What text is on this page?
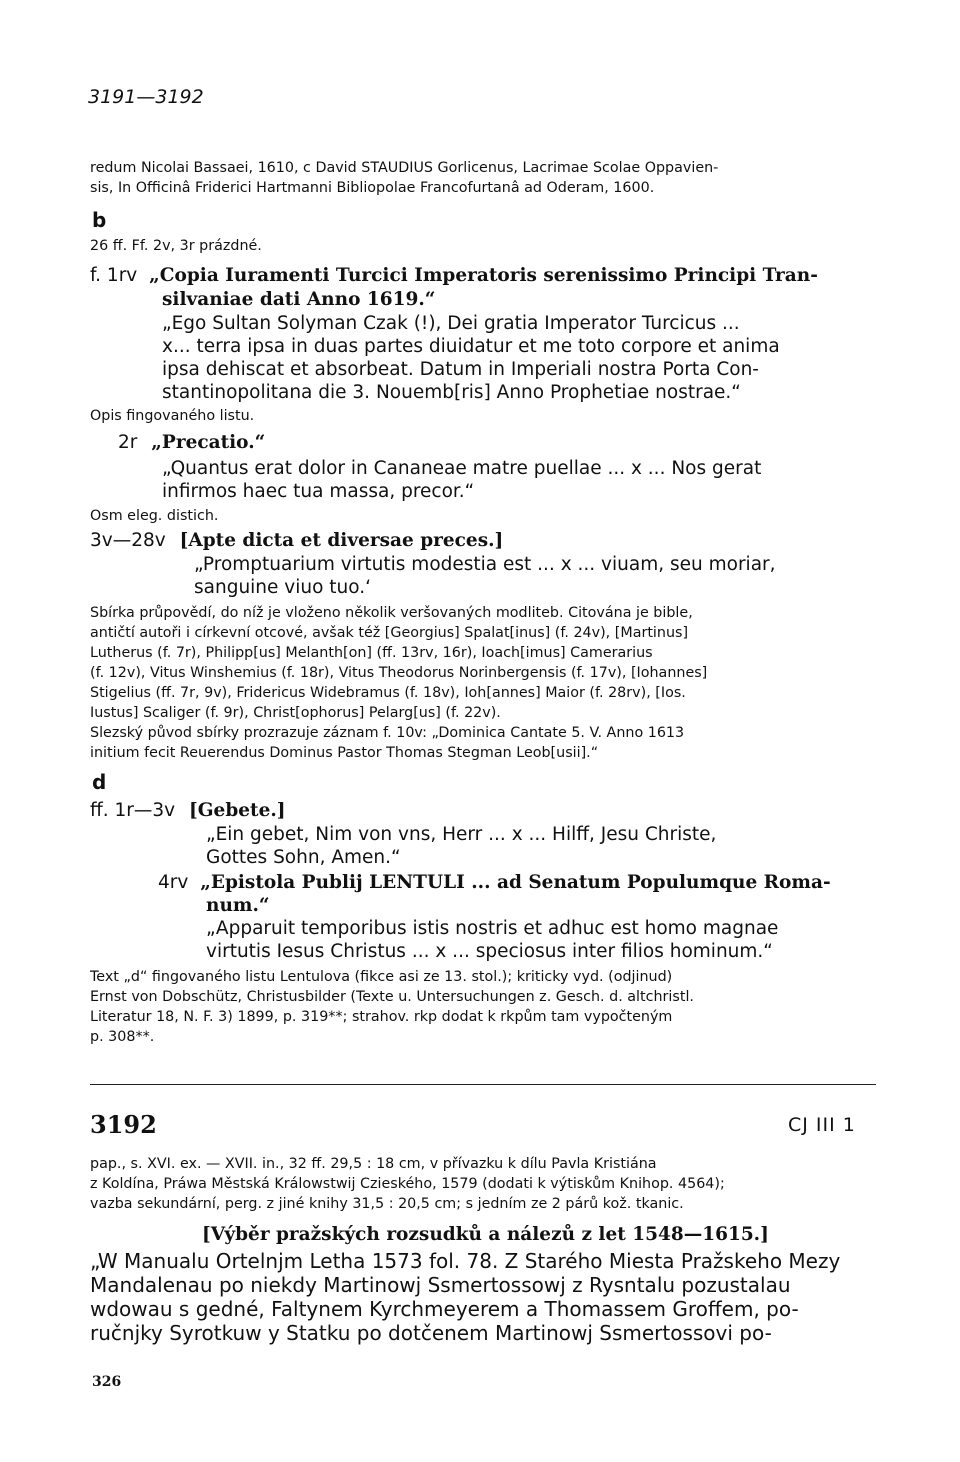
3191—3192
redum Nicolai Bassaei, 1610, c David STAUDIUS Gorlicenus, Lacrimae Scolae Oppavien-
sis, In Officinâ Friderici Hartmanni Bibliopolae Francofurtanâ ad Oderam, 1600.
b
26 ff. Ff. 2v, 3r prázdné.
f. 1rv „Copia Iuramenti Turcici Imperatoris serenissimo Principi Tran-
silvaniae dati Anno 1619.“
„Ego Sultan Solyman Czak (!), Dei gratia Imperator Turcicus ...
x... terra ipsa in duas partes diuidatur et me toto corpore et anima
ipsa dehiscat et absorbeat. Datum in Imperiali nostra Porta Con-
stantinopolitana die 3. Nouemb[ris] Anno Prophetiae nostrae.“
Opis fingovaného listu.
2r „Precatio.“
„Quantus erat dolor in Cananeae matre puellae ... x ... Nos gerat
infirmos haec tua massa, precor.“
Osm eleg. distich.
3v—28v [Apte dicta et diversae preces.]
„Promptuarium virtutis modestia est ... x ... viuam, seu moriar,
sanguine viuo tuo.‘
Sbírka průpovědí, do níž je vloženo několik veršovaných modliteb. Citována je bible,
antičtí autoři i církevní otcové, avšak též [Georgius] Spalat[inus] (f. 24v), [Martinus]
Lutherus (f. 7r), Philipp[us] Melanth[on] (ff. 13rv, 16r), Ioach[imus] Camerarius
(f. 12v), Vitus Winshemius (f. 18r), Vitus Theodorus Norinbergensis (f. 17v), [Iohannes]
Stigelius (ff. 7r, 9v), Fridericus Widebramus (f. 18v), Ioh[annes] Maior (f. 28rv), [Ios.
Iustus] Scaliger (f. 9r), Christ[ophorus] Pelarg[us] (f. 22v).
Slezský původ sbírky prozrazuje záznam f. 10v: „Dominica Cantate 5. V. Anno 1613
initium fecit Reuerendus Dominus Pastor Thomas Stegman Leob[usii].“
d
ff. 1r—3v [Gebete.]
„Ein gebet, Nim von vns, Herr ... x ... Hilff, Jesu Christe,
Gottes Sohn, Amen.“
4rv „Epistola Publij LENTULI ... ad Senatum Populumque Roma-
num.“
„Apparuit temporibus istis nostris et adhuc est homo magnae
virtutis Iesus Christus ... x ... speciosus inter filios hominum.“
Text „d“ fingovaného listu Lentulova (fikce asi ze 13. stol.); kriticky vyd. (odjinud)
Ernst von Dobschütz, Christusbilder (Texte u. Untersuchungen z. Gesch. d. altchristl.
Literatur 18, N. F. 3) 1899, p. 319**; strahov. rkp dodat k rkpům tam vypočteným
p. 308**.
3192	CJ III 1
pap., s. XVI. ex. — XVII. in., 32 ff. 29,5 : 18 cm, v přívazku k dílu Pavla Kristiána
z Koldína, Práwa Městská Králowstwij Czieského, 1579 (dodati k výtiskům Knihop. 4564);
vazba sekundární, perg. z jiné knihy 31,5 : 20,5 cm; s jedním ze 2 párů kož. tkanic.
[Výběr pražských rozsudků a nálezů z let 1548—1615.]
„W Manualu Ortelnjm Letha 1573 fol. 78. Z Starého Miesta Pražskeho Mezy
Mandalenau po niekdy Martinowj Ssmertossowj z Rysntalu pozustalau
wdowau s gedné, Faltynem Kyrchmeyerem a Thomassem Groffem, po-
ručnjky Syrotkuw y Statku po dotčenem Martinowj Ssmertossovi po-
326
